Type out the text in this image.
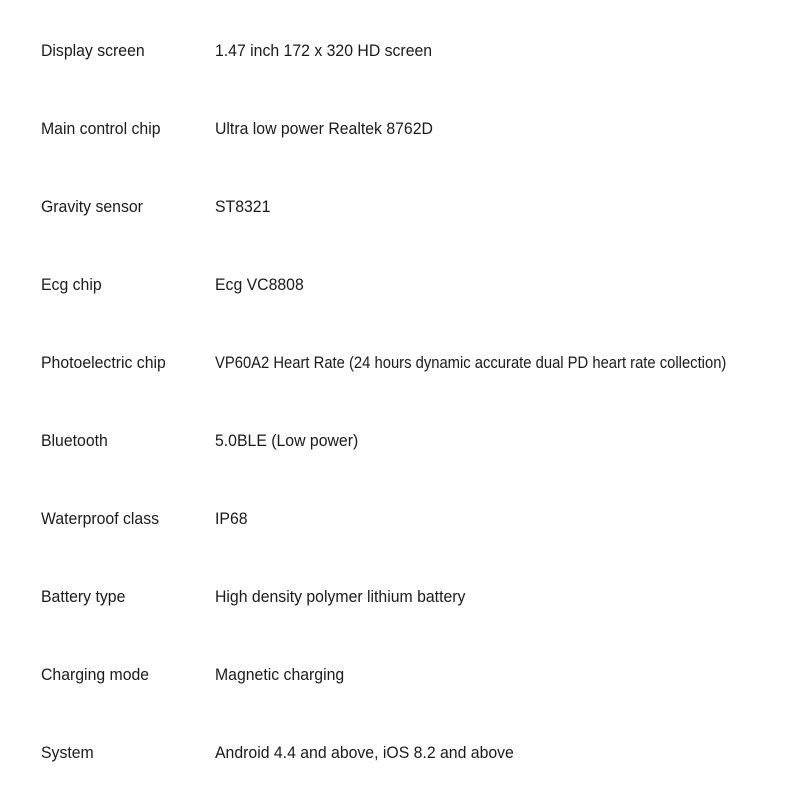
Display screen	1.47 inch 172 x 320 HD screen
Main control chip	Ultra low power Realtek 8762D
Gravity sensor	ST8321
Ecg chip	Ecg VC8808
Photoelectric chip	VP60A2 Heart Rate (24 hours dynamic accurate dual PD heart rate collection)
Bluetooth	5.0BLE (Low power)
Waterproof class	IP68
Battery type	High density polymer lithium battery
Charging mode	Magnetic charging
System	Android 4.4 and above, iOS 8.2 and above
